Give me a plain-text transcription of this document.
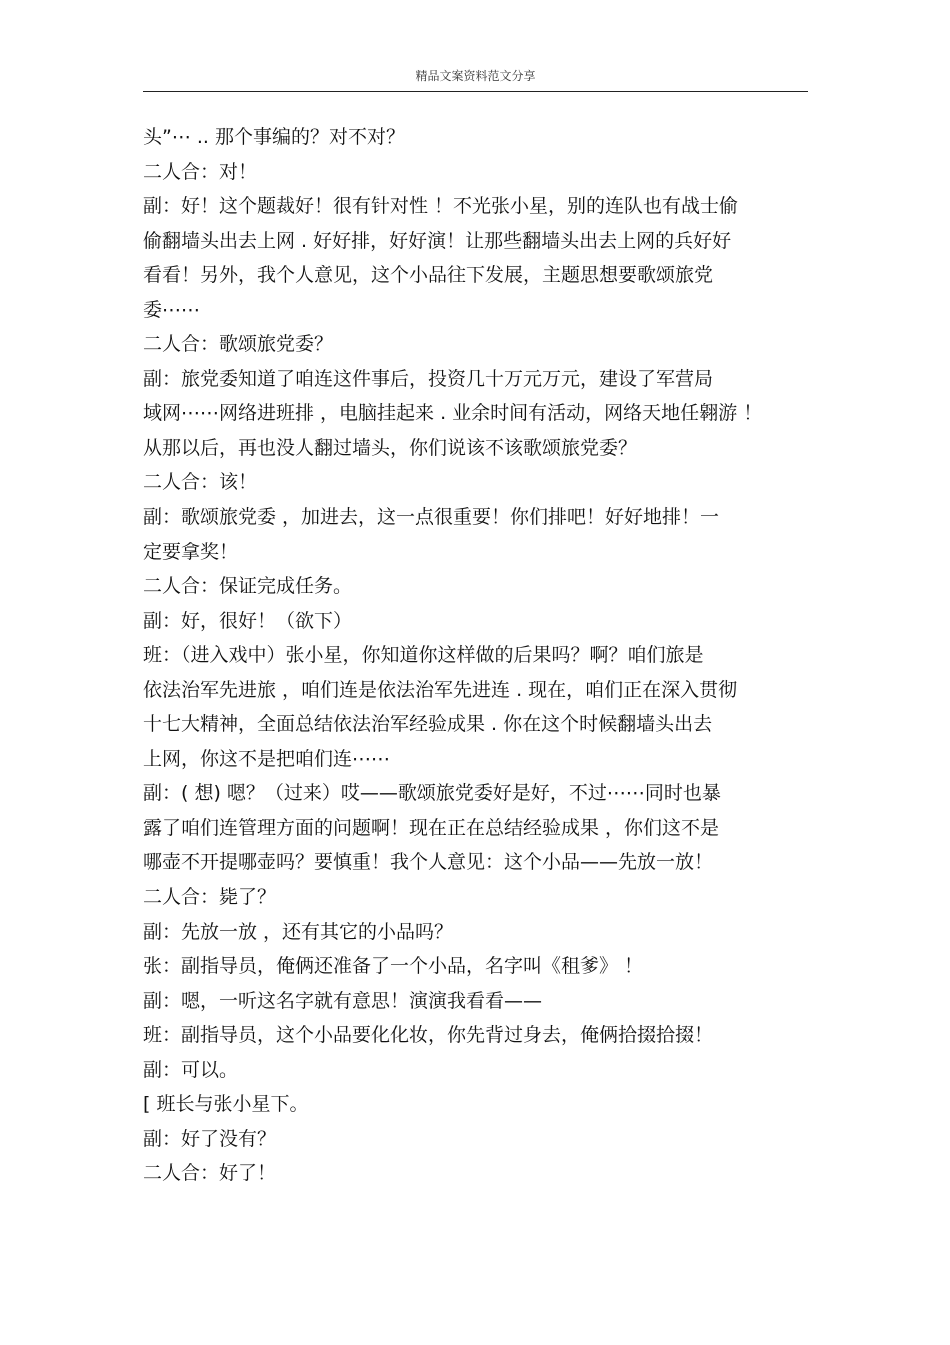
精品文案资料范文分享
头”⋯ .. 那个事编的？对不对？
二人合：对！
副：好！这个题裁好！很有针对性 ！不光张小星，别的连队也有战士偷
偷翻墙头出去上网 . 好好排，好好演！让那些翻墙头出去上网的兵好好
看看！另外，我个人意见，这个小品往下发展，主题思想要歌颂旅党
委⋯⋯
二人合：歌颂旅党委？
副：旅党委知道了咱连这件事后，投资几十万元万元，建设了军营局
域网⋯⋯网络进班排 ，电脑挂起来 . 业余时间有活动，网络天地任翱游 ！
从那以后，再也没人翻过墙头，你们说该不该歌颂旅党委？
二人合：该！
副：歌颂旅党委 ，加进去，这一点很重要！你们排吧！好好地排！一
定要拿奖！
二人合：保证完成任务。
副：好，很好！（欲下）
班：（进入戏中）张小星，你知道你这样做的后果吗？啊？咱们旅是
依法治军先进旅 ，咱们连是依法治军先进连 . 现在，咱们正在深入贯彻
十七大精神，全面总结依法治军经验成果 . 你在这个时候翻墙头出去
上网，你这不是把咱们连⋯⋯
副：( 想) 嗯？（过来）哎——歌颂旅党委好是好，不过⋯⋯同时也暴
露了咱们连管理方面的问题啊！现在正在总结经验成果 ，你们这不是
哪壶不开提哪壶吗？要慎重！我个人意见：这个小品——先放一放！
二人合：毙了？
副：先放一放 ，还有其它的小品吗？
张：副指导员，俺俩还准备了一个小品，名字叫《租爹》 ！
副：嗯，一听这名字就有意思！演演我看看——
班：副指导员，这个小品要化化妆，你先背过身去，俺俩拾掇拾掇！
副：可以。
[ 班长与张小星下。
副：好了没有？
二人合：好了！
